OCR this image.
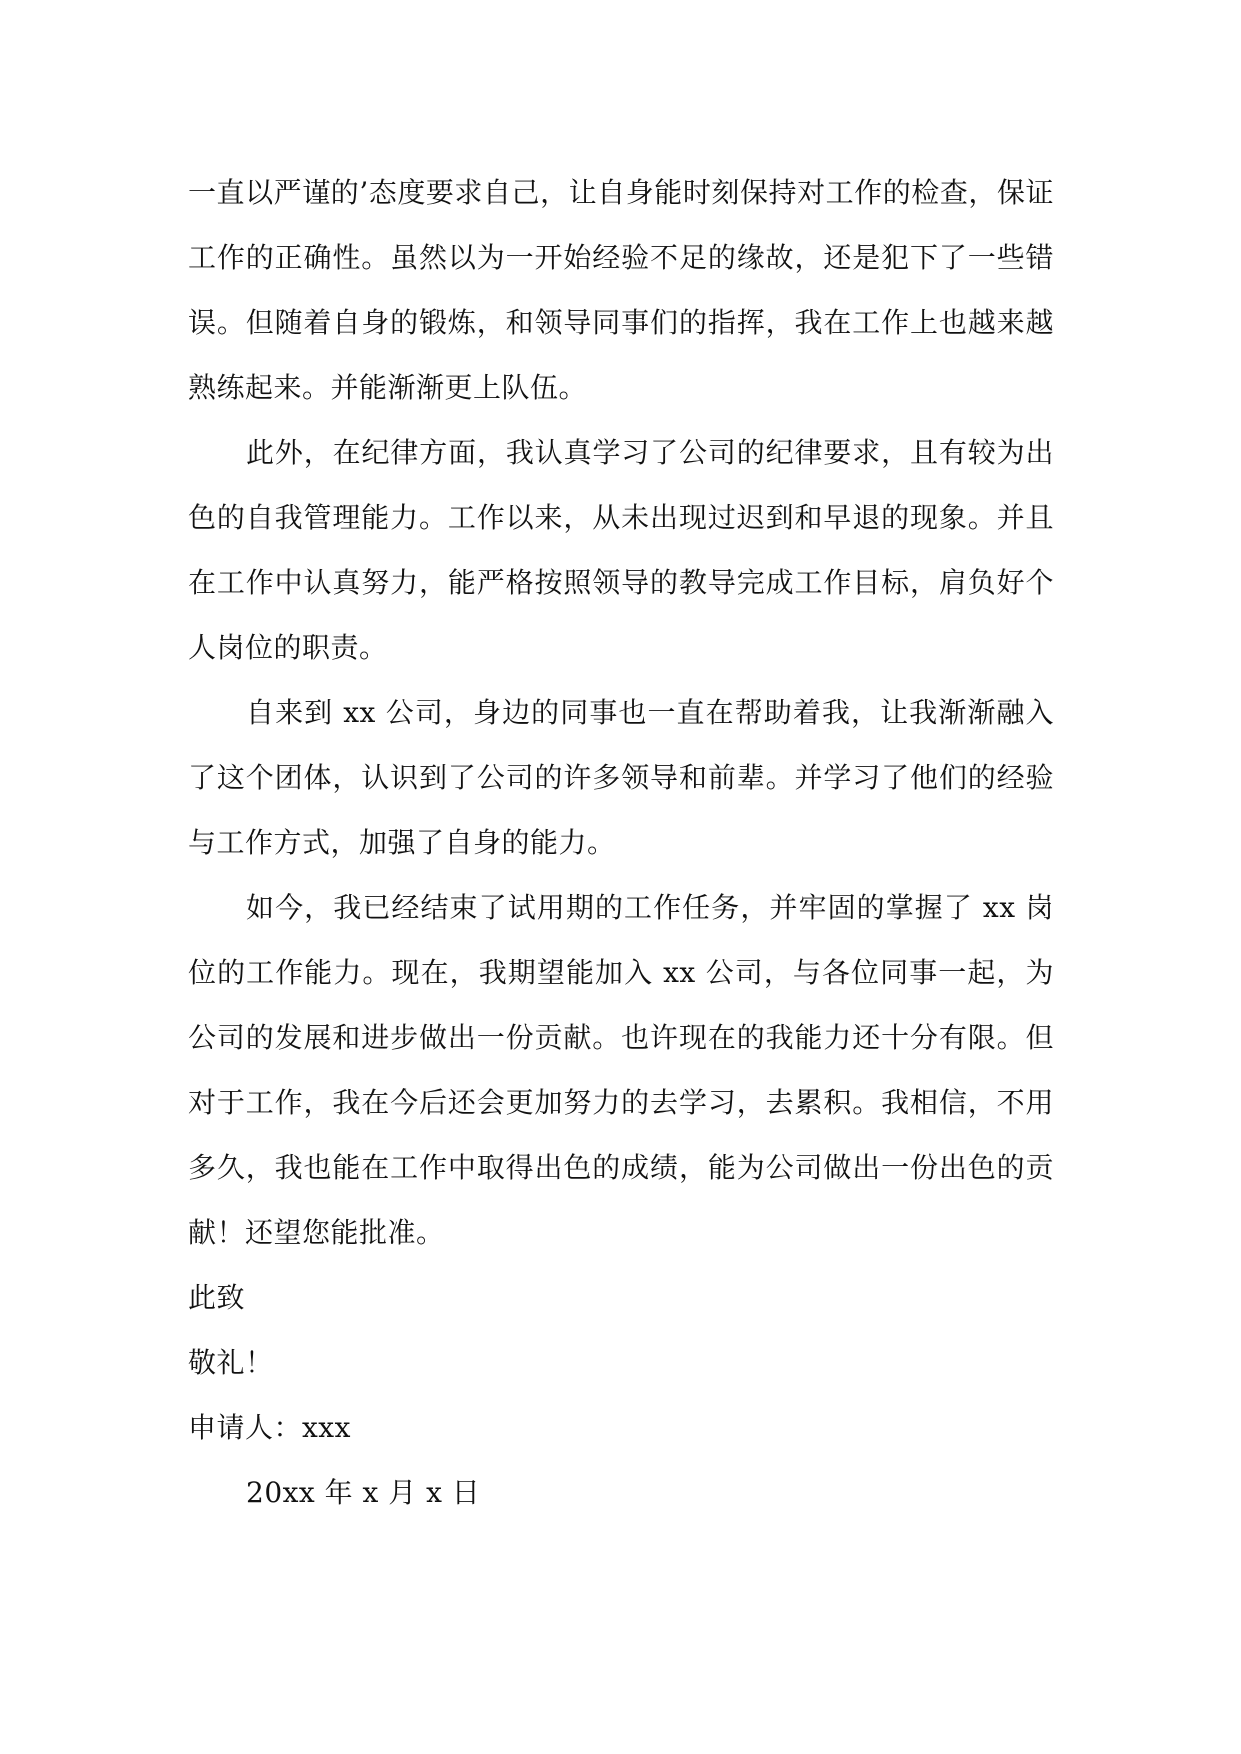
一直以严谨的’态度要求自己，让自身能时刻保持对工作的检查，保证工作的正确性。虽然以为一开始经验不足的缘故，还是犯下了一些错误。但随着自身的锻炼，和领导同事们的指挥，我在工作上也越来越熟练起来。并能渐渐更上队伍。

此外，在纪律方面，我认真学习了公司的纪律要求，且有较为出色的自我管理能力。工作以来，从未出现过迟到和早退的现象。并且在工作中认真努力，能严格按照领导的教导完成工作目标，肩负好个人岗位的职责。

自来到 xx 公司，身边的同事也一直在帮助着我，让我渐渐融入了这个团体，认识到了公司的许多领导和前辈。并学习了他们的经验与工作方式，加强了自身的能力。

如今，我已经结束了试用期的工作任务，并牢固的掌握了 xx 岗位的工作能力。现在，我期望能加入 xx 公司，与各位同事一起，为公司的发展和进步做出一份贡献。也许现在的我能力还十分有限。但对于工作，我在今后还会更加努力的去学习，去累积。我相信，不用多久，我也能在工作中取得出色的成绩，能为公司做出一份出色的贡献！还望您能批准。

此致

敬礼！

申请人：xxx

20xx 年 x 月 x 日
